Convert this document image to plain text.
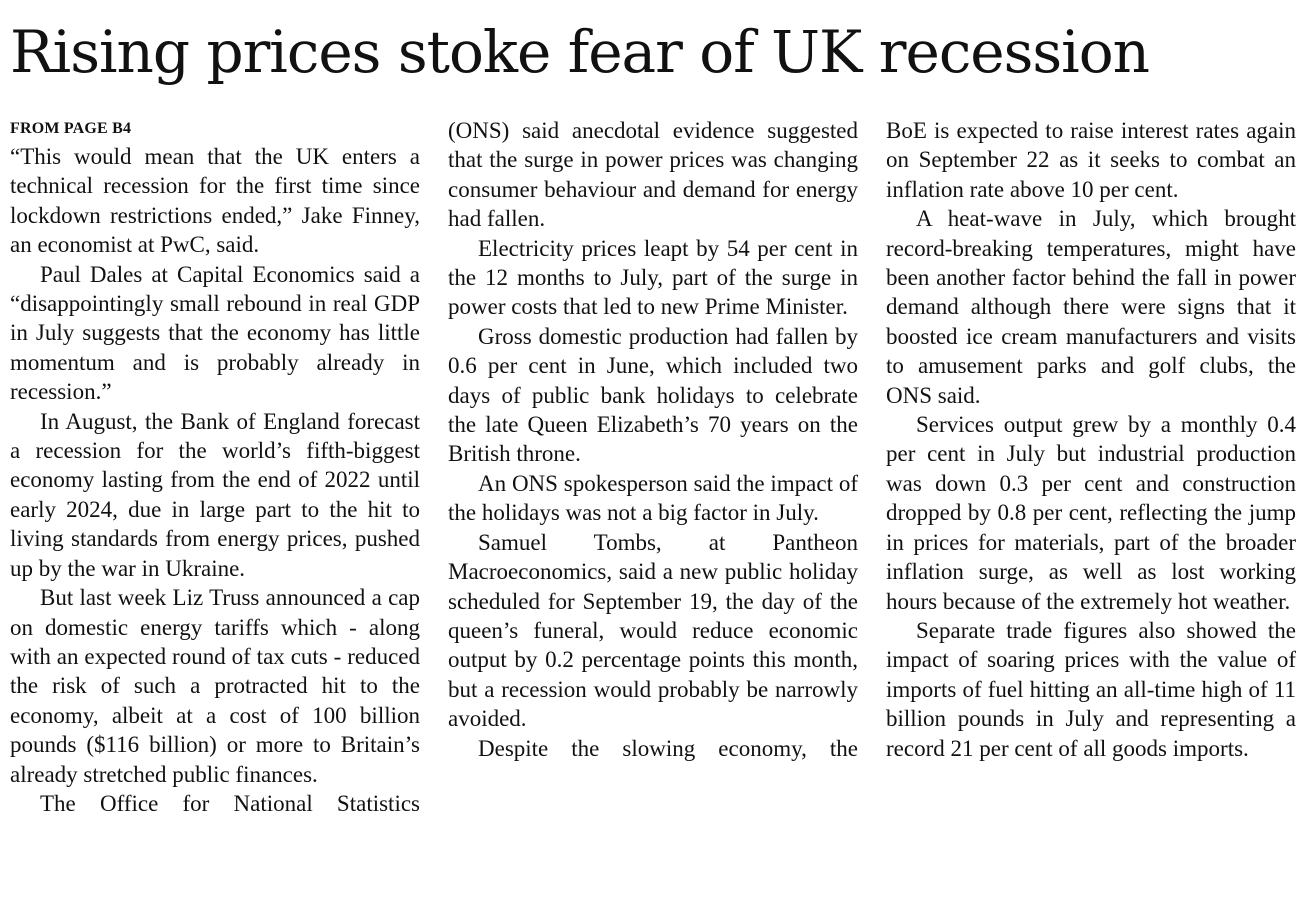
Rising prices stoke fear of UK recession
FROM PAGE B4

“This would mean that the UK enters a technical recession for the first time since lockdown restrictions ended,” Jake Finney, an economist at PwC, said.

Paul Dales at Capital Economics said a “disappointingly small rebound in real GDP in July suggests that the economy has little momentum and is probably already in recession.”

In August, the Bank of England forecast a recession for the world’s fifth-biggest economy lasting from the end of 2022 until early 2024, due in large part to the hit to living standards from energy prices, pushed up by the war in Ukraine.

But last week Liz Truss announced a cap on domestic energy tariffs which - along with an expected round of tax cuts - reduced the risk of such a protracted hit to the economy, albeit at a cost of 100 billion pounds ($116 billion) or more to Britain’s already stretched public finances.

The Office for National Statistics

(ONS) said anecdotal evidence suggested that the surge in power prices was changing consumer behaviour and demand for energy had fallen.

Electricity prices leapt by 54 per cent in the 12 months to July, part of the surge in power costs that led to new Prime Minister.

Gross domestic production had fallen by 0.6 per cent in June, which included two days of public bank holidays to celebrate the late Queen Elizabeth’s 70 years on the British throne.

An ONS spokesperson said the impact of the holidays was not a big factor in July.

Samuel Tombs, at Pantheon Macroeconomics, said a new public holiday scheduled for September 19, the day of the queen’s funeral, would reduce economic output by 0.2 percentage points this month, but a recession would probably be narrowly avoided.

Despite the slowing economy, the

BoE is expected to raise interest rates again on September 22 as it seeks to combat an inflation rate above 10 per cent.

A heat-wave in July, which brought record-breaking temperatures, might have been another factor behind the fall in power demand although there were signs that it boosted ice cream manufacturers and visits to amusement parks and golf clubs, the ONS said.

Services output grew by a monthly 0.4 per cent in July but industrial production was down 0.3 per cent and construction dropped by 0.8 per cent, reflecting the jump in prices for materials, part of the broader inflation surge, as well as lost working hours because of the extremely hot weather.

Separate trade figures also showed the impact of soaring prices with the value of imports of fuel hitting an all-time high of 11 billion pounds in July and representing a record 21 per cent of all goods imports.
